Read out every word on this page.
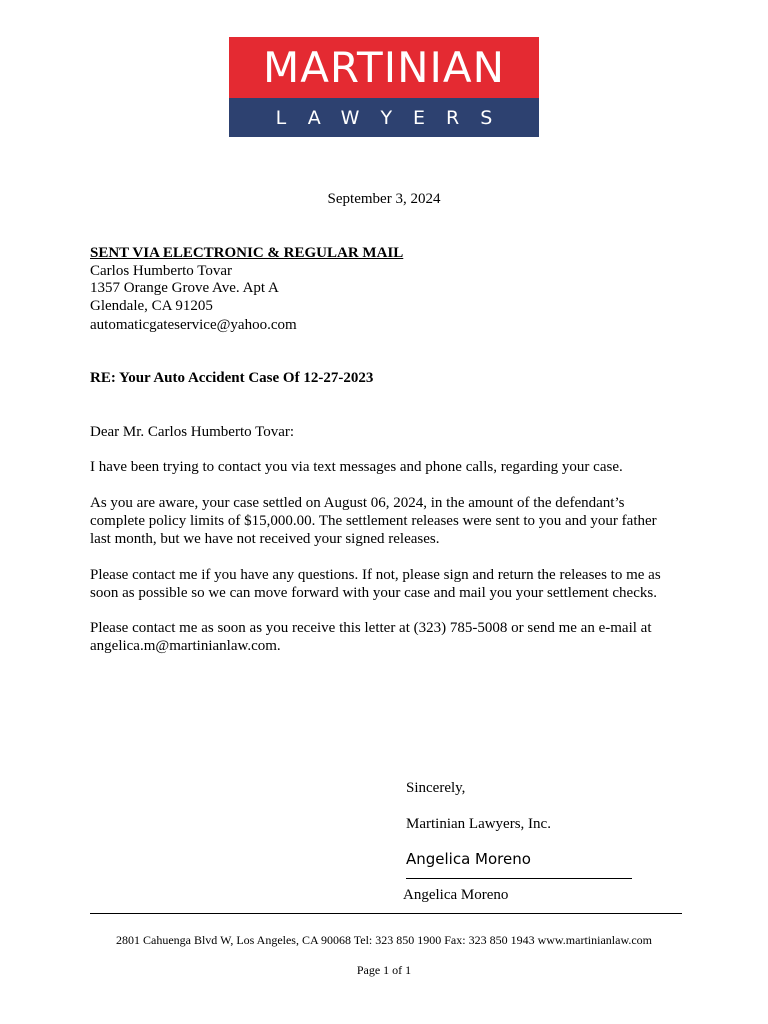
MARTINIAN
LAWYERS
September 3, 2024
SENT VIA ELECTRONIC & REGULAR MAIL
Carlos Humberto Tovar
1357 Orange Grove Ave. Apt A
Glendale, CA 91205
automaticgateservice@yahoo.com
RE: Your Auto Accident Case Of 12-27-2023
Dear Mr. Carlos Humberto Tovar:
I have been trying to contact you via text messages and phone calls, regarding your case.
As you are aware, your case settled on August 06, 2024, in the amount of the defendant’s complete policy limits of $15,000.00. The settlement releases were sent to you and your father last month, but we have not received your signed releases.
Please contact me if you have any questions. If not, please sign and return the releases to me as soon as possible so we can move forward with your case and mail you your settlement checks.
Please contact me as soon as you receive this letter at (323) 785-5008 or send me an e-mail at angelica.m@martinianlaw.com.
Sincerely,
Martinian Lawyers, Inc.
Angelica Moreno
Angelica Moreno
2801 Cahuenga Blvd W, Los Angeles, CA 90068 Tel: 323 850 1900 Fax: 323 850 1943 www.martinianlaw.com
Page 1 of 1
